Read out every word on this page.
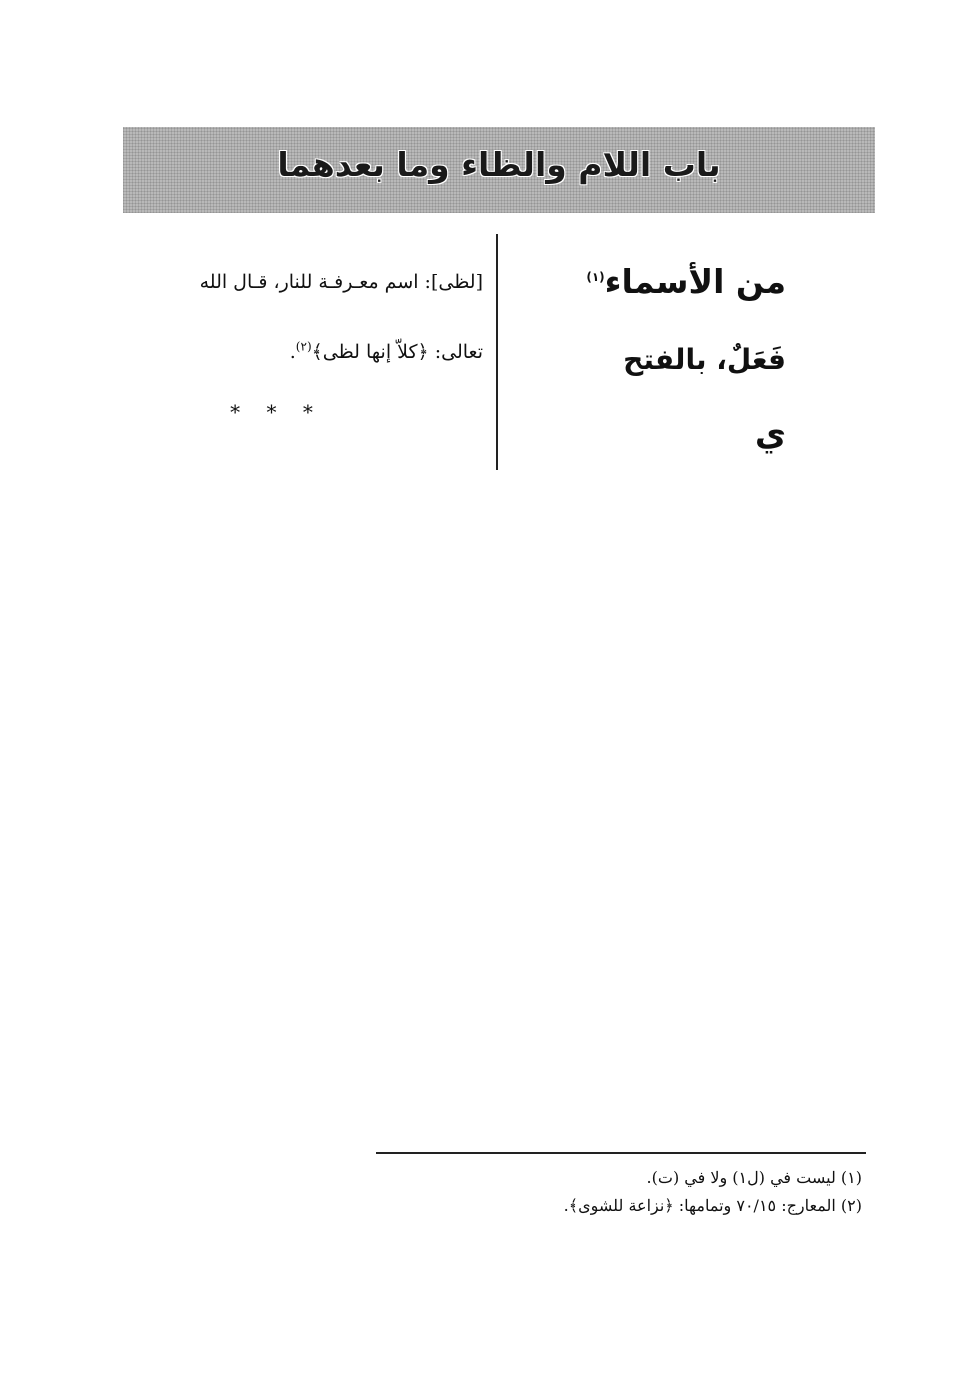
باب اللام والظاء وما بعدهما
من الأسماء$^{(١)}$
فَعَلٌ، بالفتح
ي
[لظى]: اسم معـرفـة للنار، قـال الله
تعالى: ﴿كلاّ إنها لظى﴾$^{(٢)}$.
* * *
(١) ليست في (ل١) ولا في (ت).
(٢) المعارج: ٧٠/١٥ وتمامها: ﴿نزاعة للشوى﴾.
